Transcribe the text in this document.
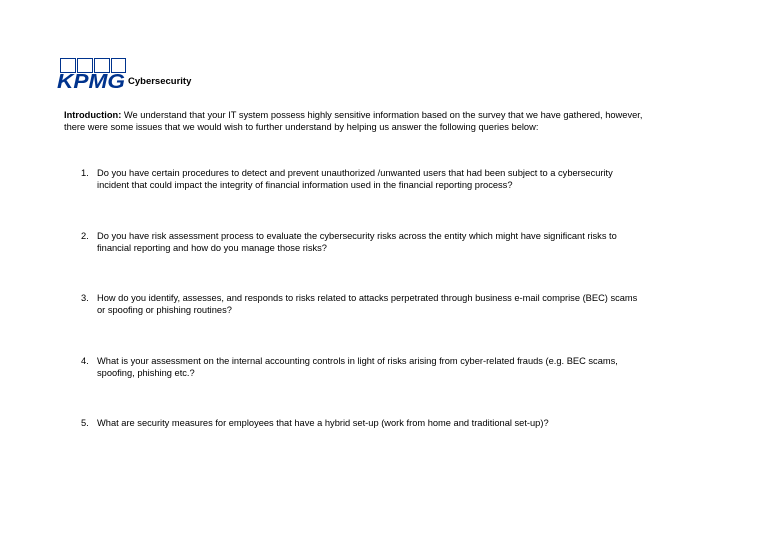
KPMG Cybersecurity
Introduction: We understand that your IT system possess highly sensitive information based on the survey that we have gathered, however, there were some issues that we would wish to further understand by helping us answer the following queries below:
1. Do you have certain procedures to detect and prevent unauthorized /unwanted users that had been subject to a cybersecurity incident that could impact the integrity of financial information used in the financial reporting process?
2. Do you have risk assessment process to evaluate the cybersecurity risks across the entity which might have significant risks to financial reporting and how do you manage those risks?
3. How do you identify, assesses, and responds to risks related to attacks perpetrated through business e-mail comprise (BEC) scams or spoofing or phishing routines?
4. What is your assessment on the internal accounting controls in light of risks arising from cyber-related frauds (e.g. BEC scams, spoofing, phishing etc.?
5. What are security measures for employees that have a hybrid set-up (work from home and traditional set-up)?
